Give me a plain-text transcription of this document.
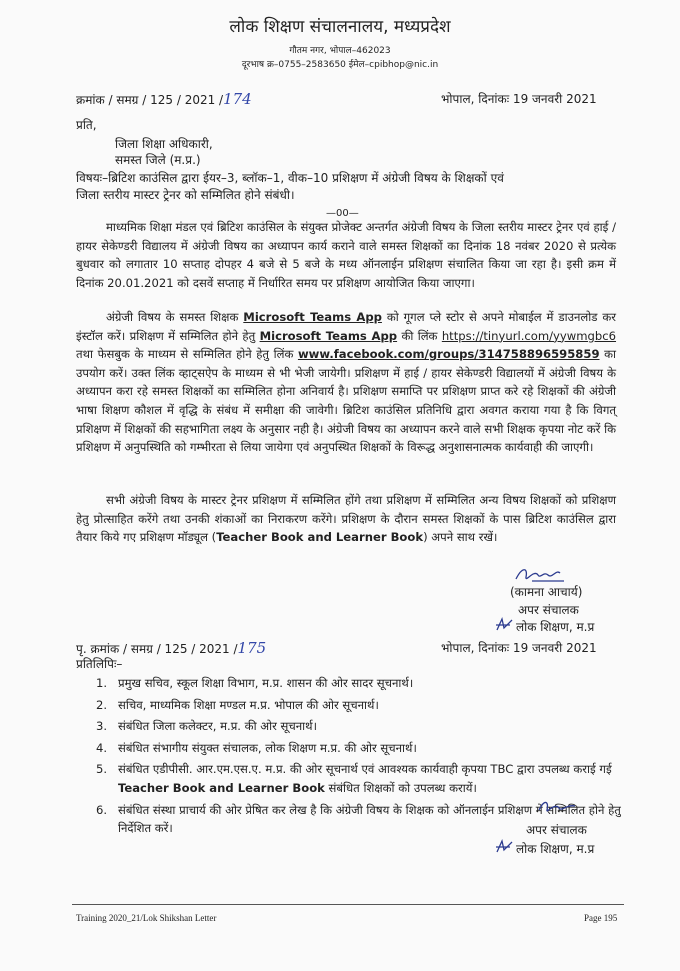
लोक शिक्षण संचालनालय, मध्यप्रदेश
गौतम नगर, भोपाल–462023
दूरभाष क्र–0755–2583650 ईमेल–cpibhop@nic.in
क्रमांक / समग्र / 125 / 2021 /174	भोपाल, दिनांकः 19 जनवरी 2021
प्रति,
जिला शिक्षा अधिकारी,
समस्त जिले (म.प्र.)
विषयः–ब्रिटिश काउंसिल द्वारा ईयर–3, ब्लॉक–1, वीक–10 प्रशिक्षण में अंग्रेजी विषय के शिक्षकों एवं
जिला स्तरीय मास्टर ट्रेनर को सम्मिलित होने संबंधी।
—00—
माध्यमिक शिक्षा मंडल एवं ब्रिटिश काउंसिल के संयुक्त प्रोजेक्ट अन्तर्गत अंग्रेजी विषय के जिला स्तरीय मास्टर ट्रेनर एवं हाई / हायर सेकेण्डरी विद्यालय में अंग्रेजी विषय का अध्यापन कार्य कराने वाले समस्त शिक्षकों का दिनांक 18 नवंबर 2020 से प्रत्येक बुधवार को लगातार 10 सप्ताह दोपहर 4 बजे से 5 बजे के मध्य ऑनलाईन प्रशिक्षण संचालित किया जा रहा है। इसी क्रम में दिनांक 20.01.2021 को दसवें सप्ताह में निर्धारित समय पर प्रशिक्षण आयोजित किया जाएगा।
अंग्रेजी विषय के समस्त शिक्षक Microsoft Teams App को गूगल प्ले स्टोर से अपने मोबाईल में डाउनलोड कर इंस्टॉल करें। प्रशिक्षण में सम्मिलित होने हेतु Microsoft Teams App की लिंक https://tinyurl.com/yywmgbc6 तथा फेसबुक के माध्यम से सम्मिलित होने हेतु लिंक www.facebook.com/groups/314758896595859 का उपयोग करें। उक्त लिंक व्हाट्सऐप के माध्यम से भी भेजी जायेगी। प्रशिक्षण में हाई / हायर सेकेण्डरी विद्यालयों में अंग्रेजी विषय के अध्यापन करा रहे समस्त शिक्षकों का सम्मिलित होना अनिवार्य है। प्रशिक्षण समाप्ति पर प्रशिक्षण प्राप्त करे रहे शिक्षकों की अंग्रेजी भाषा शिक्षण कौशल में वृद्धि के संबंध में समीक्षा की जावेगी। ब्रिटिश काउंसिल प्रतिनिधि द्वारा अवगत कराया गया है कि विगत् प्रशिक्षण में शिक्षकों की सहभागिता लक्ष्य के अनुसार नही है। अंग्रेजी विषय का अध्यापन करने वाले सभी शिक्षक कृपया नोट करें कि प्रशिक्षण में अनुपस्थिति को गम्भीरता से लिया जायेगा एवं अनुपस्थित शिक्षकों के विरूद्ध अनुशासनात्मक कार्यवाही की जाएगी।
सभी अंग्रेजी विषय के मास्टर ट्रेनर प्रशिक्षण में सम्मिलित होंगे तथा प्रशिक्षण में सम्मिलित अन्य विषय शिक्षकों को प्रशिक्षण हेतु प्रोत्साहित करेंगे तथा उनकी शंकाओं का निराकरण करेंगे। प्रशिक्षण के दौरान समस्त शिक्षकों के पास ब्रिटिश काउंसिल द्वारा तैयार किये गए प्रशिक्षण मॉड्यूल (Teacher Book and Learner Book) अपने साथ रखें।
(कामना आचार्य)
अपर संचालक
लोक शिक्षण, म.प्र
पृ. क्रमांक / समग्र / 125 / 2021 /175	भोपाल, दिनांकः 19 जनवरी 2021
प्रतिलिपिः–
1. प्रमुख सचिव, स्कूल शिक्षा विभाग, म.प्र. शासन की ओर सादर सूचनार्थ।
2. सचिव, माध्यमिक शिक्षा मण्डल म.प्र. भोपाल की ओर सूचनार्थ।
3. संबंधित जिला कलेक्टर, म.प्र. की ओर सूचनार्थ।
4. संबंधित संभागीय संयुक्त संचालक, लोक शिक्षण म.प्र. की ओर सूचनार्थ।
5. संबंधित एडीपीसी. आर.एम.एस.ए. म.प्र. की ओर सूचनार्थ एवं आवश्यक कार्यवाही कृपया TBC द्वारा उपलब्ध कराई गई Teacher Book and Learner Book संबंधित शिक्षकों को उपलब्ध करायें।
6. संबंधित संस्था प्राचार्य की ओर प्रेषित कर लेख है कि अंग्रेजी विषय के शिक्षक को ऑनलाईन प्रशिक्षण में सम्मिलित होने हेतु निर्देशित करें।	अपर संचालक
लोक शिक्षण, म.प्र
Training 2020_21/Lok Shikshan Letter	Page 195
